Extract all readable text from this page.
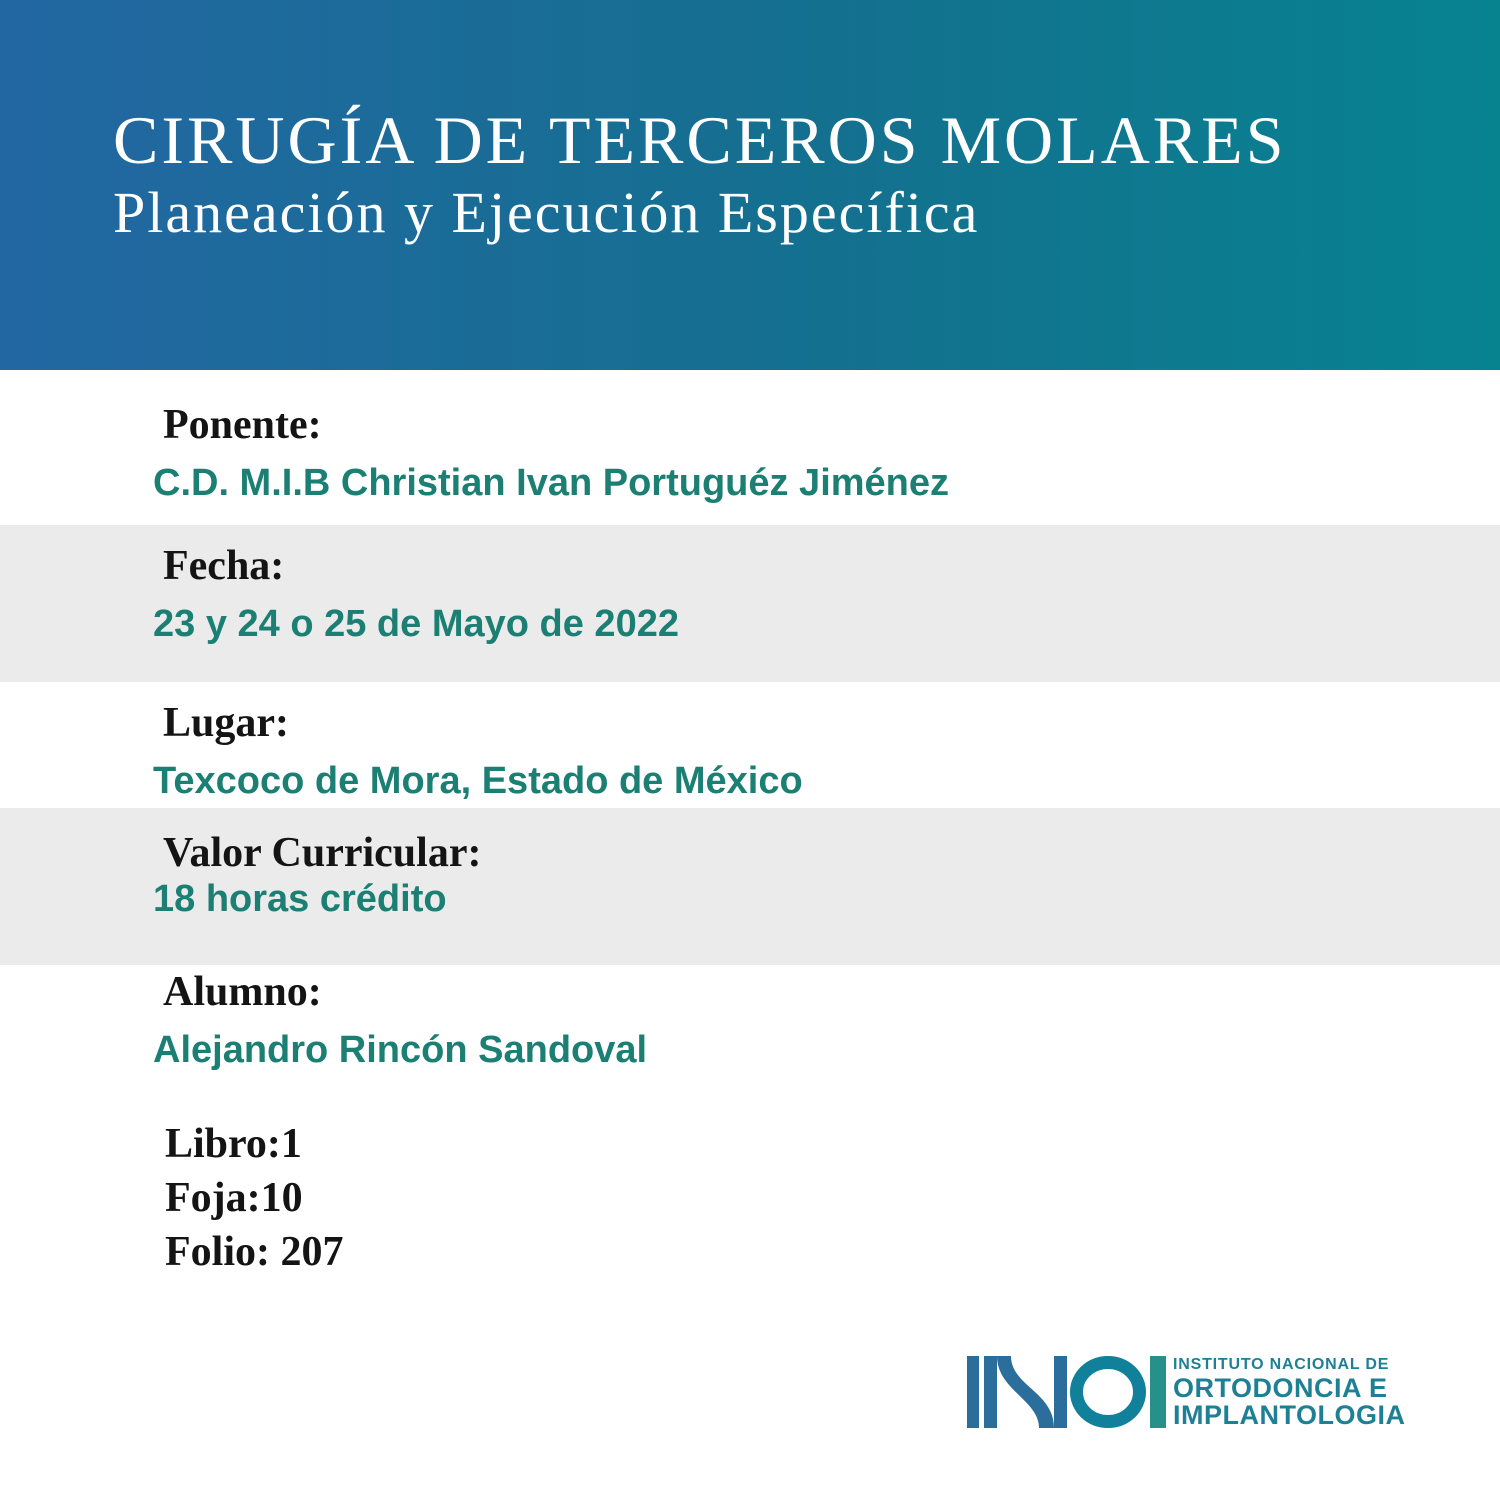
CIRUGÍA DE TERCEROS MOLARES
Planeación y Ejecución Específica
Ponente:
C.D. M.I.B Christian Ivan Portuguéz Jiménez
Fecha:
23 y 24 o 25 de Mayo de 2022
Lugar:
Texcoco de Mora, Estado de México
Valor Curricular:
18 horas crédito
Alumno:
Alejandro Rincón Sandoval
Libro:1
Foja:10
Folio: 207
INSTITUTO NACIONAL DE
ORTODONCIA E
IMPLANTOLOGIA
